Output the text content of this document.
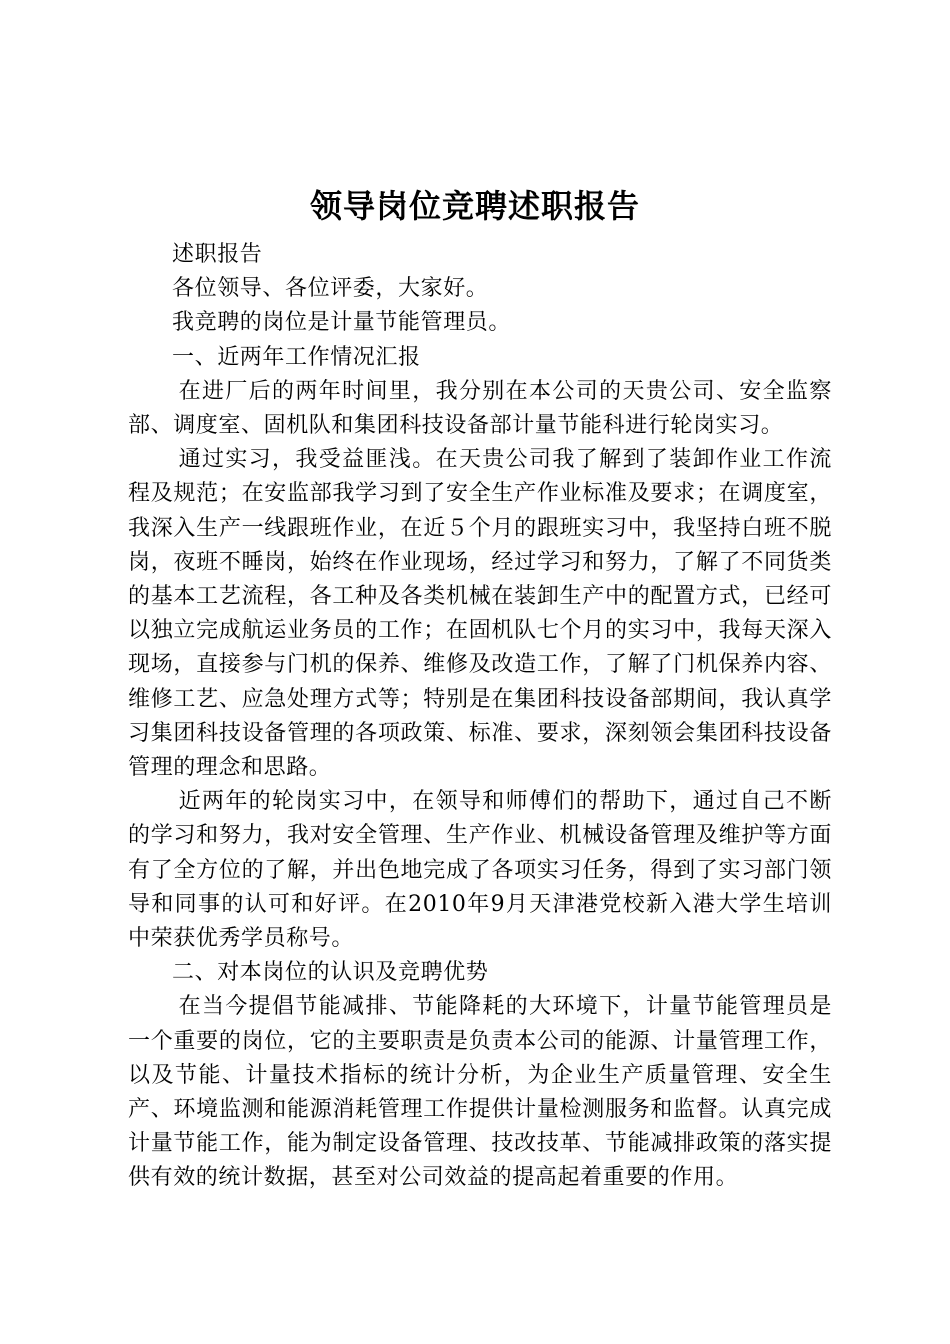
领导岗位竞聘述职报告

述职报告

各位领导、各位评委，大家好。

我竞聘的岗位是计量节能管理员。

一、近两年工作情况汇报

在进厂后的两年时间里，我分别在本公司的天贵公司、安全监察部、调度室、固机队和集团科技设备部计量节能科进行轮岗实习。

通过实习，我受益匪浅。在天贵公司我了解到了装卸作业工作流程及规范；在安监部我学习到了安全生产作业标准及要求；在调度室，我深入生产一线跟班作业，在近５个月的跟班实习中，我坚持白班不脱岗，夜班不睡岗，始终在作业现场，经过学习和努力，了解了不同货类的基本工艺流程，各工种及各类机械在装卸生产中的配置方式，已经可以独立完成航运业务员的工作；在固机队七个月的实习中，我每天深入现场，直接参与门机的保养、维修及改造工作，了解了门机保养内容、维修工艺、应急处理方式等；特别是在集团科技设备部期间，我认真学习集团科技设备管理的各项政策、标准、要求，深刻领会集团科技设备管理的理念和思路。

近两年的轮岗实习中，在领导和师傅们的帮助下，通过自己不断的学习和努力，我对安全管理、生产作业、机械设备管理及维护等方面有了全方位的了解，并出色地完成了各项实习任务，得到了实习部门领导和同事的认可和好评。在2010年9月天津港党校新入港大学生培训中荣获优秀学员称号。

二、对本岗位的认识及竞聘优势

在当今提倡节能减排、节能降耗的大环境下，计量节能管理员是一个重要的岗位，它的主要职责是负责本公司的能源、计量管理工作，以及节能、计量技术指标的统计分析，为企业生产质量管理、安全生产、环境监测和能源消耗管理工作提供计量检测服务和监督。认真完成计量节能工作，能为制定设备管理、技改技革、节能减排政策的落实提供有效的统计数据，甚至对公司效益的提高起着重要的作用。
